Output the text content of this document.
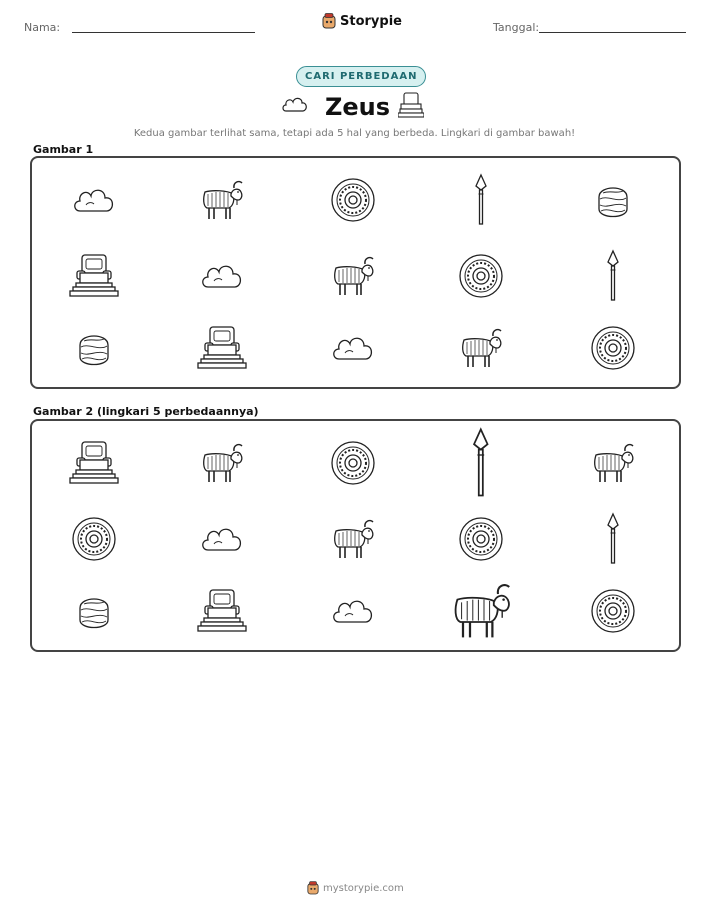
Nama:	Storypie	Tanggal:
CARI PERBEDAAN
Zeus
Kedua gambar terlihat sama, tetapi ada 5 hal yang berbeda. Lingkari di gambar bawah!
Gambar 1
Gambar 2 (lingkari 5 perbedaannya)
mystorypie.com
